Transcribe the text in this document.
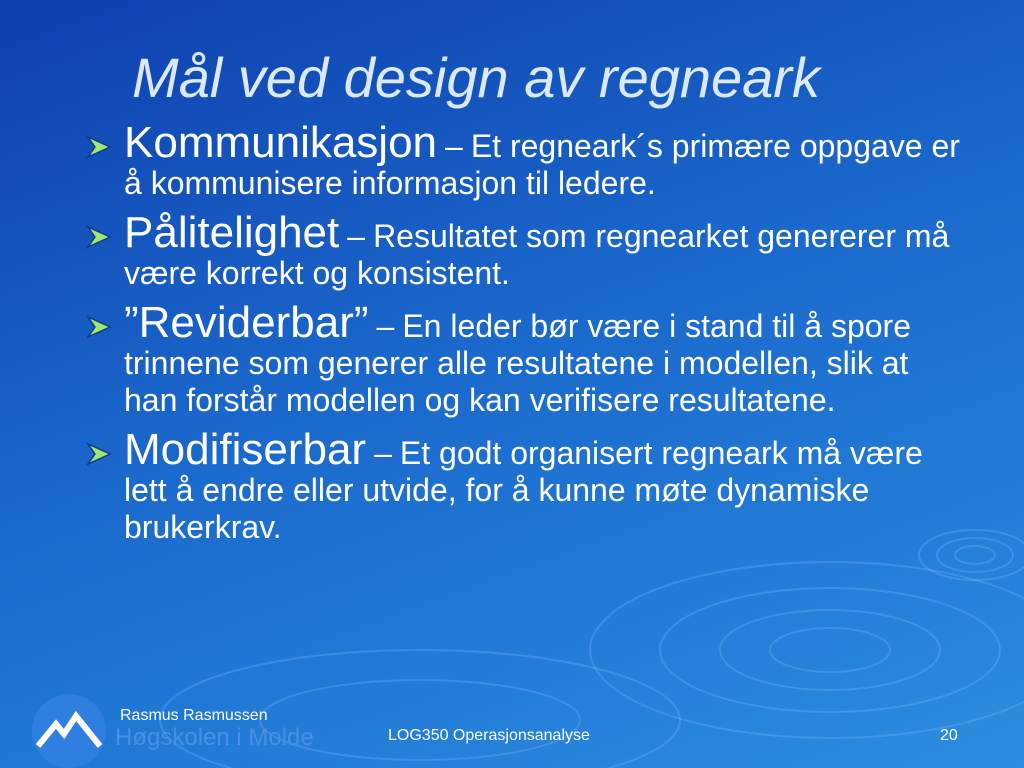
Mål ved design av regneark
Kommunikasjon – Et regneark´s primære oppgave er å kommunisere informasjon til ledere.
Pålitelighet – Resultatet som regnearket genererer må være korrekt og konsistent.
”Reviderbar” – En leder bør være i stand til å spore trinnene som generer alle resultatene i modellen, slik at han forstår modellen og kan verifisere resultatene.
Modifiserbar – Et godt organisert regneark må være lett å endre eller utvide, for å kunne møte dynamiske brukerkrav.
Rasmus Rasmussen
Høgskolen i Molde	LOG350 Operasjonsanalyse	20
